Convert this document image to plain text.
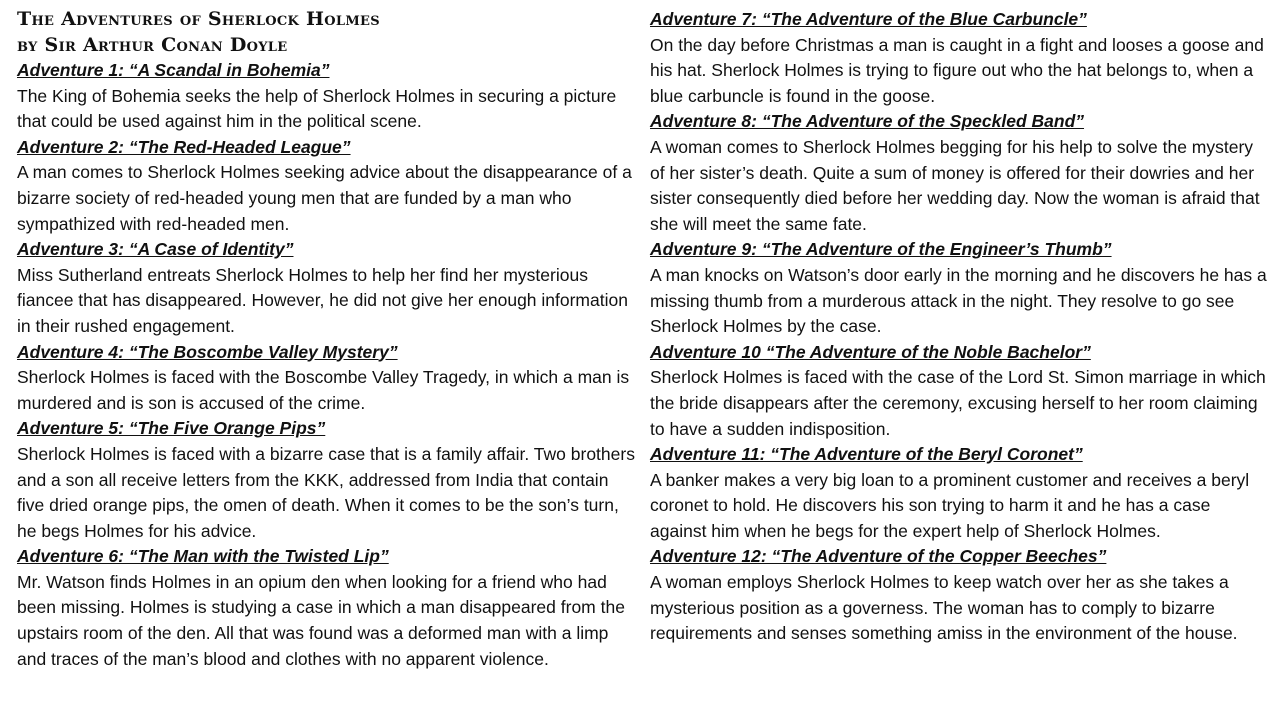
The Adventures of Sherlock Holmes
by Sir Arthur Conan Doyle
Adventure 1: “A Scandal in Bohemia”
The King of Bohemia seeks the help of Sherlock Holmes in securing a picture that could be used against him in the political scene.
Adventure 2: “The Red-Headed League”
A man comes to Sherlock Holmes seeking advice about the disappearance of a bizarre society of red-headed young men that are funded by a man who sympathized with red-headed men.
Adventure 3: “A Case of Identity”
Miss Sutherland entreats Sherlock Holmes to help her find her mysterious fiancee that has disappeared. However, he did not give her enough information in their rushed engagement.
Adventure 4: “The Boscombe Valley Mystery”
Sherlock Holmes is faced with the Boscombe Valley Tragedy, in which a man is murdered and is son is accused of the crime.
Adventure 5: “The Five Orange Pips”
Sherlock Holmes is faced with a bizarre case that is a family affair. Two brothers and a son all receive letters from the KKK, addressed from India that contain five dried orange pips, the omen of death. When it comes to be the son’s turn, he begs Holmes for his advice.
Adventure 6: “The Man with the Twisted Lip”
Mr. Watson finds Holmes in an opium den when looking for a friend who had been missing. Holmes is studying a case in which a man disappeared from the upstairs room of the den. All that was found was a deformed man with a limp and traces of the man’s blood and clothes with no apparent violence.
Adventure 7: “The Adventure of the Blue Carbuncle”
On the day before Christmas a man is caught in a fight and looses a goose and his hat. Sherlock Holmes is trying to figure out who the hat belongs to, when a blue carbuncle is found in the goose.
Adventure 8: “The Adventure of the Speckled Band”
A woman comes to Sherlock Holmes begging for his help to solve the mystery of her sister’s death. Quite a sum of money is offered for their dowries and her sister consequently died before her wedding day. Now the woman is afraid that she will meet the same fate.
Adventure 9: “The Adventure of the Engineer’s Thumb”
A man knocks on Watson’s door early in the morning and he discovers he has a missing thumb from a murderous attack in the night. They resolve to go see Sherlock Holmes by the case.
Adventure 10 “The Adventure of the Noble Bachelor”
Sherlock Holmes is faced with the case of the Lord St. Simon marriage in which the bride disappears after the ceremony, excusing herself to her room claiming to have a sudden indisposition.
Adventure 11: “The Adventure of the Beryl Coronet”
A banker makes a very big loan to a prominent customer and receives a beryl coronet to hold. He discovers his son trying to harm it and he has a case against him when he begs for the expert help of Sherlock Holmes.
Adventure 12: “The Adventure of the Copper Beeches”
A woman employs Sherlock Holmes to keep watch over her as she takes a mysterious position as a governess. The woman has to comply to bizarre requirements and senses something amiss in the environment of the house.
